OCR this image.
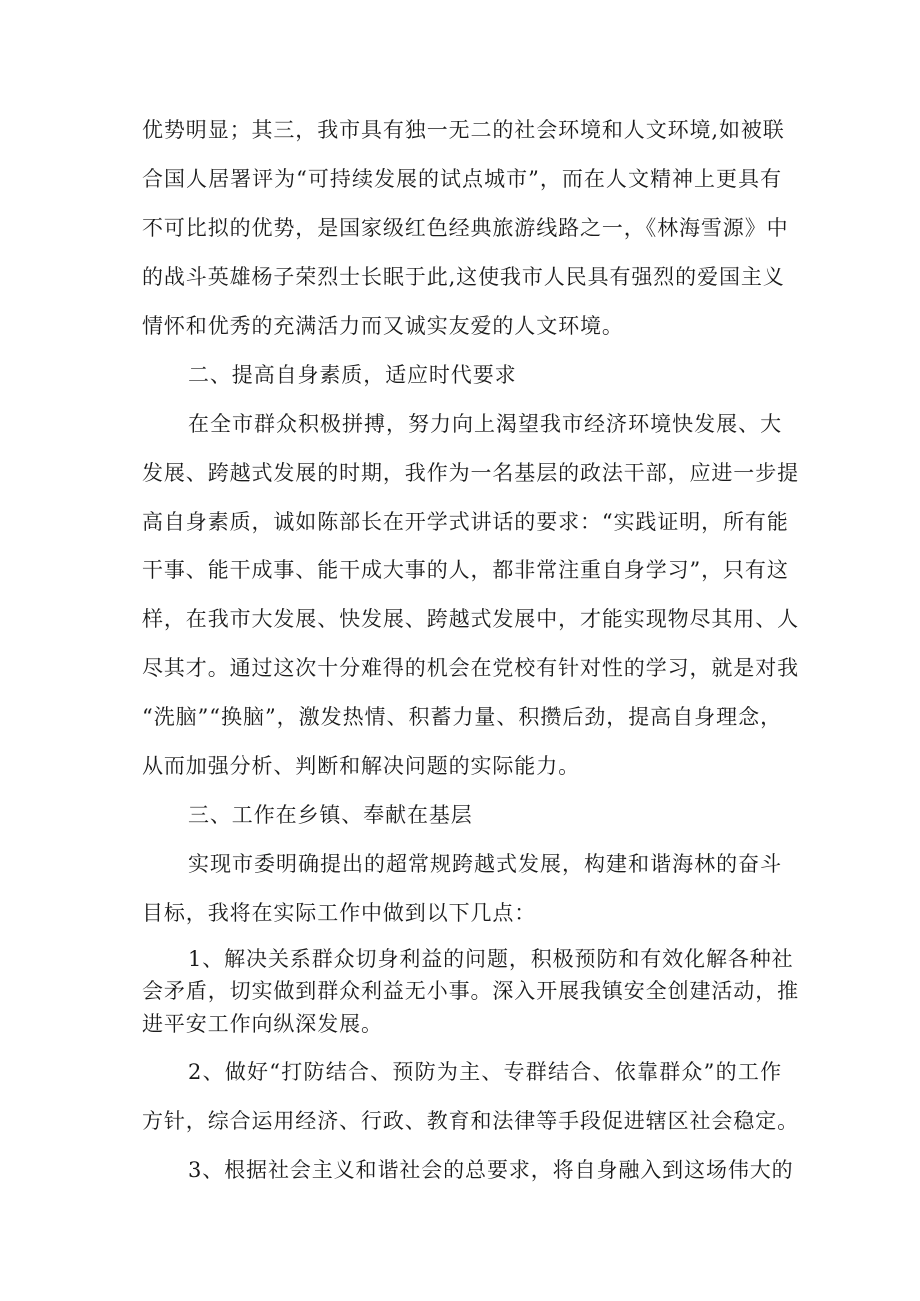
优势明显；其三，我市具有独一无二的社会环境和人文环境,如被联
合国人居署评为“可持续发展的试点城市”，而在人文精神上更具有
不可比拟的优势，是国家级红色经典旅游线路之一，《林海雪源》中
的战斗英雄杨子荣烈士长眠于此,这使我市人民具有强烈的爱国主义
情怀和优秀的充满活力而又诚实友爱的人文环境。
二、提高自身素质，适应时代要求
在全市群众积极拼搏，努力向上渴望我市经济环境快发展、大
发展、跨越式发展的时期，我作为一名基层的政法干部，应进一步提
高自身素质，诚如陈部长在开学式讲话的要求：“实践证明，所有能
干事、能干成事、能干成大事的人，都非常注重自身学习”，只有这
样，在我市大发展、快发展、跨越式发展中，才能实现物尽其用、人
尽其才。通过这次十分难得的机会在党校有针对性的学习，就是对我
“洗脑”“换脑”，激发热情、积蓄力量、积攒后劲，提高自身理念，
从而加强分析、判断和解决问题的实际能力。
三、工作在乡镇、奉献在基层
实现市委明确提出的超常规跨越式发展，构建和谐海林的奋斗
目标，我将在实际工作中做到以下几点：
1、解决关系群众切身利益的问题，积极预防和有效化解各种社
会矛盾，切实做到群众利益无小事。深入开展我镇安全创建活动，推
进平安工作向纵深发展。
2、做好“打防结合、预防为主、专群结合、依靠群众”的工作
方针，综合运用经济、行政、教育和法律等手段促进辖区社会稳定。
3、根据社会主义和谐社会的总要求，将自身融入到这场伟大的
